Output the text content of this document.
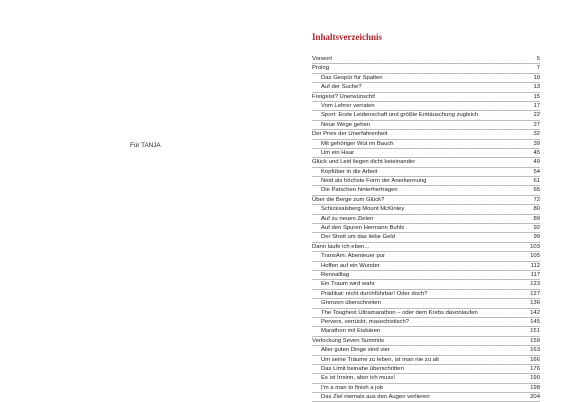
Für TANJA
Inhaltsverzeichnis
Vorwort . . .	5
Prolog . . .	7
Das Gespür für Spalten . . .	10
Auf der Suche? . . .	13
Freigeist? Unerwünscht! . . .	15
Vom Lehrer verraten . . .	17
Sport: Erste Leidenschaft und größte Enttäuschung zugleich . . .	22
Neue Wege gehen . . .	27
Der Preis der Unerfahrenheit . . .	32
Mit gehöriger Wut im Bauch . . .	39
Um ein Haar . . .	45
Glück und Leid liegen dicht beieinander . . .	49
Kopfüber in die Arbeit . . .	54
Neid als höchste Form der Anerkennung . . .	61
Die Patschen hinterhertragen . . .	65
Über die Berge zum Glück? . . .	72
Schicksalsberg Mount McKinley . . .	80
Auf zu neuen Zielen . . .	89
Auf den Spuren Hermann Buhls . . .	92
Der Streit um das liebe Geld . . .	99
Dann laufe ich eben... . . .	103
TransAm: Abenteuer pur . . .	105
Hoffen auf ein Wunder . . .	112
Rennalltag . . .	117
Ein Traum wird wahr . . .	123
Prädikat: nicht durchführbar! Oder doch? . . .	127
Grenzen überschreiten . . .	136
The Toughest Ultramarathon – oder dem Krebs davonlaufen . . .	142
Pervers, verrückt, masochistisch? . . .	145
Marathon mit Eisbären . . .	151
Verlockung Seven Summits . . .	159
Aller guten Dinge sind vier . . .	163
Um seine Träume zu leben, ist man nie zu alt . . .	166
Das Limit beinahe überschritten . . .	176
Es ist Irrsinn, aber ich muss! . . .	190
I'm a man to finish a job . . .	198
Das Ziel niemals aus den Augen verlieren . . .	204
